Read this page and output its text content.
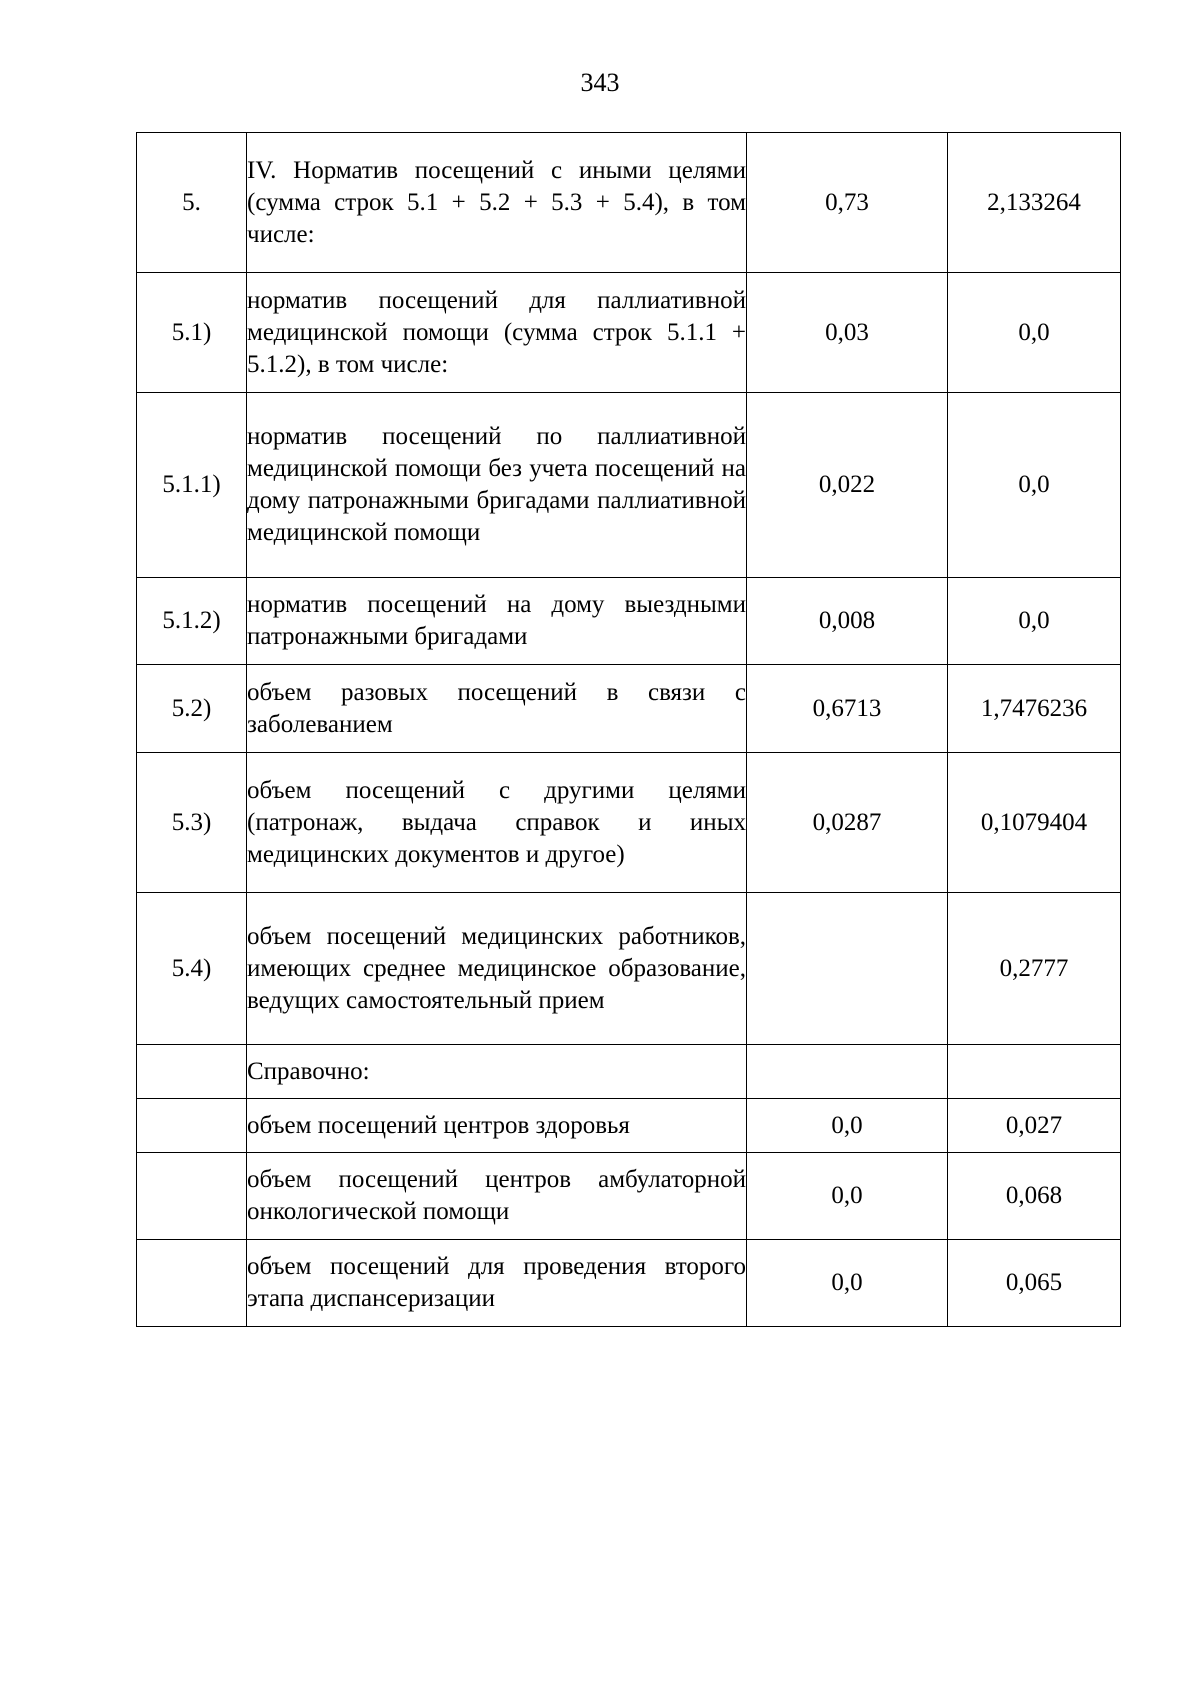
343
5.	IV. Норматив посещений с иными целями (сумма строк 5.1 + 5.2 + 5.3 + 5.4), в том числе:	0,73	2,133264
5.1)	норматив посещений для паллиативной медицинской помощи (сумма строк 5.1.1 + 5.1.2), в том числе:	0,03	0,0
5.1.1)	норматив посещений по паллиативной медицинской помощи без учета посещений на дому патронажными бригадами паллиативной медицинской помощи	0,022	0,0
5.1.2)	норматив посещений на дому выездными патронажными бригадами	0,008	0,0
5.2)	объем разовых посещений в связи с заболеванием	0,6713	1,7476236
5.3)	объем посещений с другими целями (патронаж, выдача справок и иных медицинских документов и другое)	0,0287	0,1079404
5.4)	объем посещений медицинских работников, имеющих среднее медицинское образование, ведущих самостоятельный прием		0,2777
	Справочно:		
	объем посещений центров здоровья	0,0	0,027
	объем посещений центров амбулаторной онкологической помощи	0,0	0,068
	объем посещений для проведения второго этапа диспансеризации	0,0	0,065
